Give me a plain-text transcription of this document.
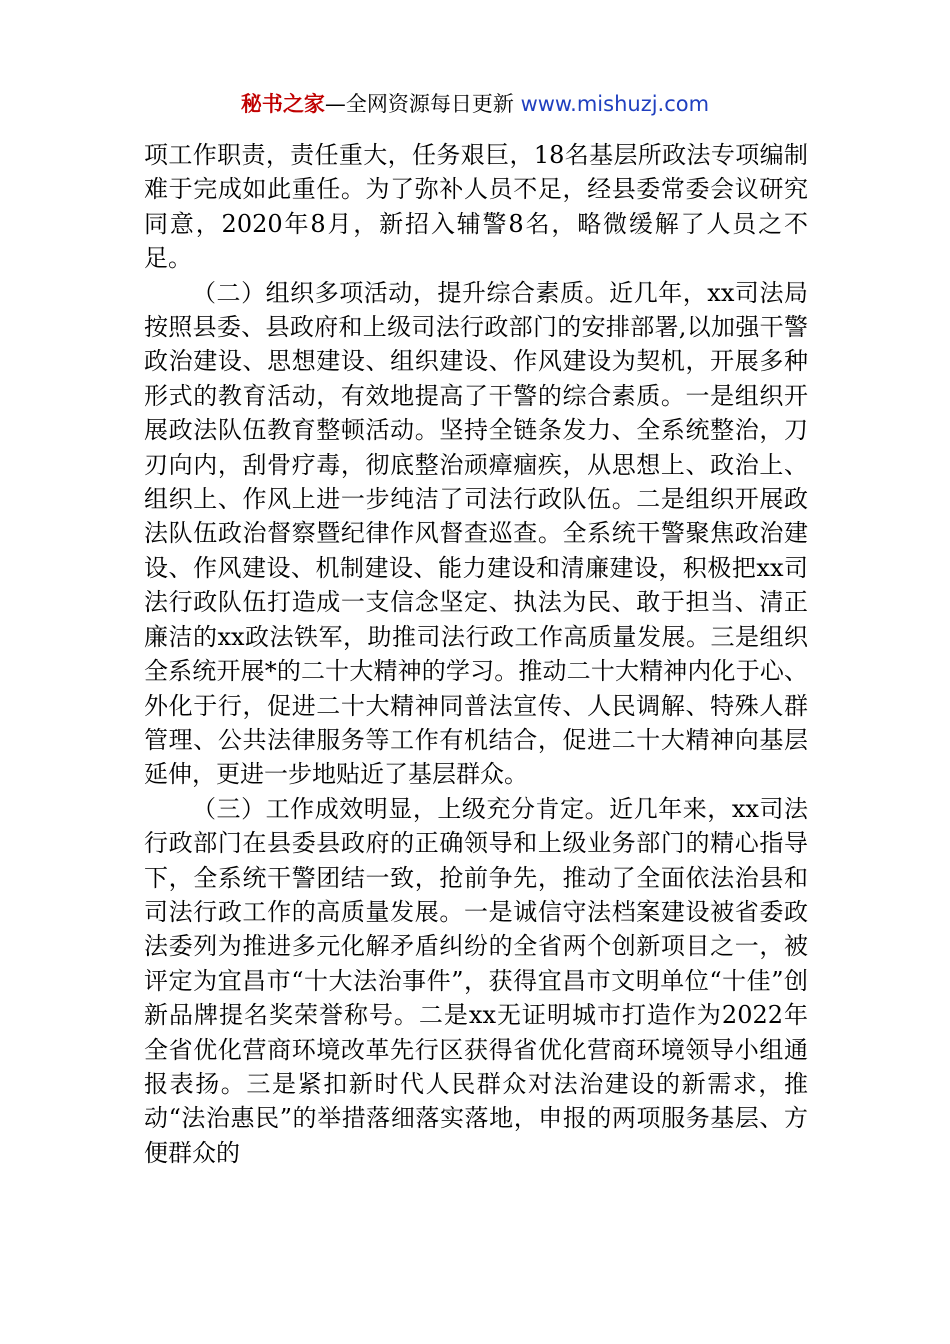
秘书之家—全网资源每日更新 www.mishuzj.com

项工作职责，责任重大，任务艰巨，18名基层所政法专项编制难于完成如此重任。为了弥补人员不足，经县委常委会议研究同意，2020年8月，新招入辅警8名，略微缓解了人员之不足。

（二）组织多项活动，提升综合素质。近几年，xx司法局按照县委、县政府和上级司法行政部门的安排部署,以加强干警政治建设、思想建设、组织建设、作风建设为契机，开展多种形式的教育活动，有效地提高了干警的综合素质。一是组织开展政法队伍教育整顿活动。坚持全链条发力、全系统整治，刀刃向内，刮骨疗毒，彻底整治顽瘴痼疾，从思想上、政治上、组织上、作风上进一步纯洁了司法行政队伍。二是组织开展政法队伍政治督察暨纪律作风督查巡查。全系统干警聚焦政治建设、作风建设、机制建设、能力建设和清廉建设，积极把xx司法行政队伍打造成一支信念坚定、执法为民、敢于担当、清正廉洁的xx政法铁军，助推司法行政工作高质量发展。三是组织全系统开展*的二十大精神的学习。推动二十大精神内化于心、外化于行，促进二十大精神同普法宣传、人民调解、特殊人群管理、公共法律服务等工作有机结合，促进二十大精神向基层延伸，更进一步地贴近了基层群众。

（三）工作成效明显，上级充分肯定。近几年来，xx司法行政部门在县委县政府的正确领导和上级业务部门的精心指导下，全系统干警团结一致，抢前争先，推动了全面依法治县和司法行政工作的高质量发展。一是诚信守法档案建设被省委政法委列为推进多元化解矛盾纠纷的全省两个创新项目之一，被评定为宜昌市“十大法治事件”，获得宜昌市文明单位“十佳”创新品牌提名奖荣誉称号。二是xx无证明城市打造作为2022年全省优化营商环境改革先行区获得省优化营商环境领导小组通报表扬。三是紧扣新时代人民群众对法治建设的新需求，推动“法治惠民”的举措落细落实落地，申报的两项服务基层、方便群众的
